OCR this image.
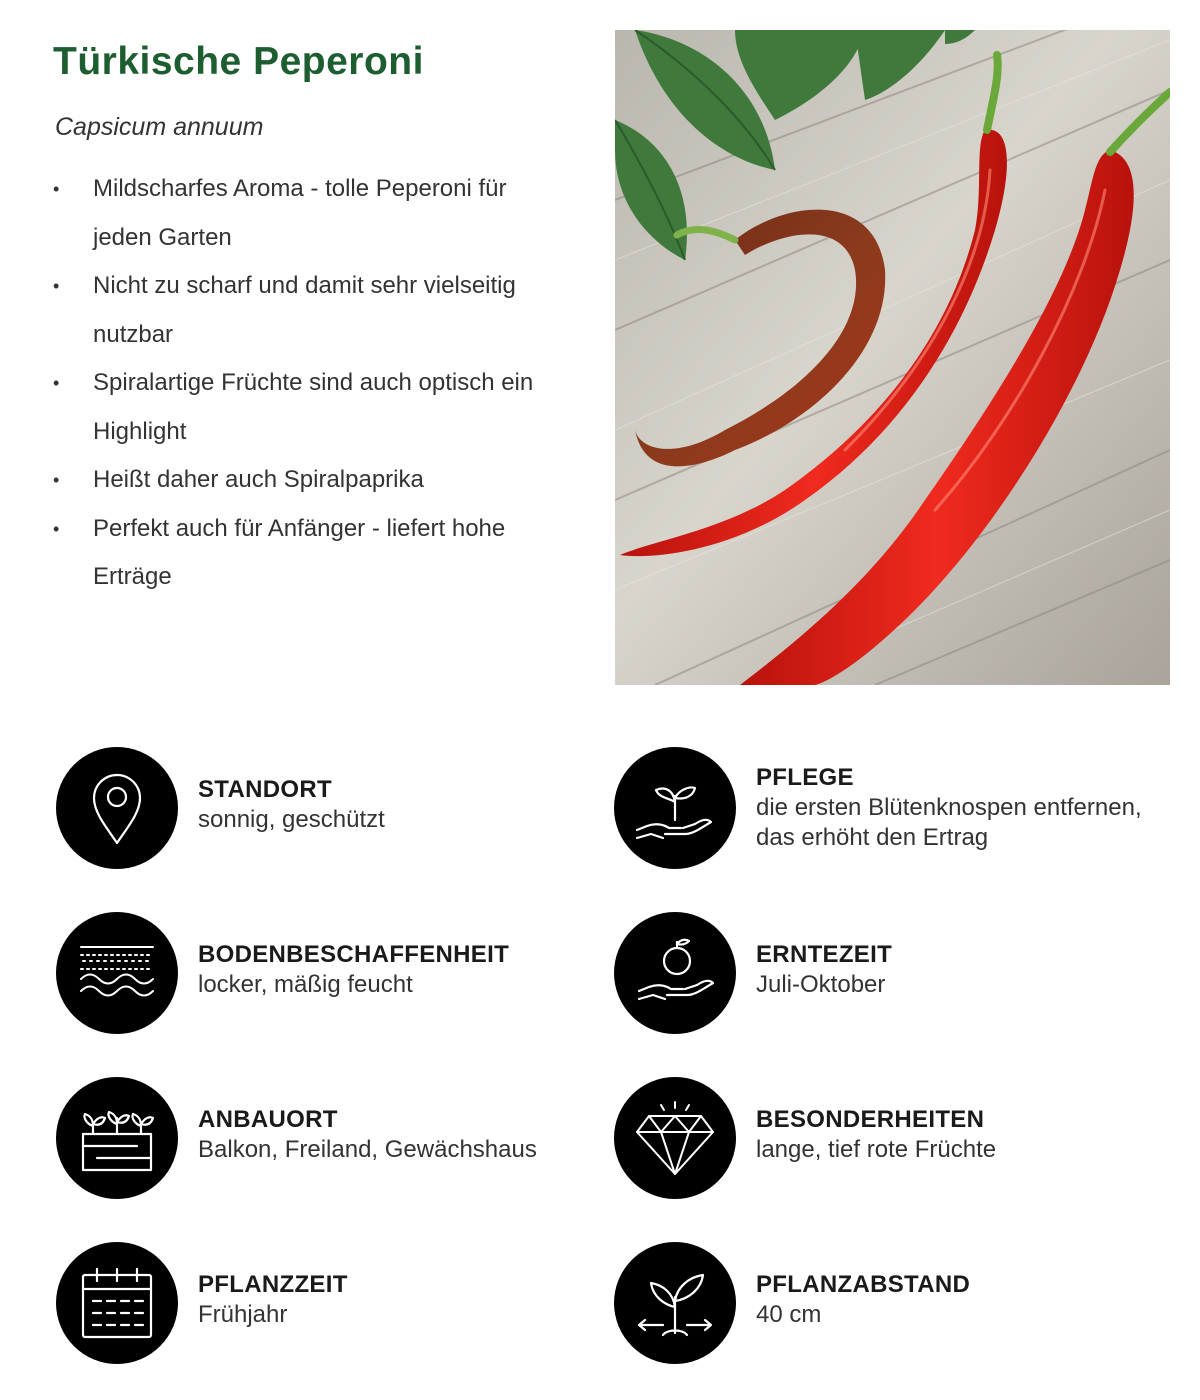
Türkische Peperoni
Capsicum annuum
• Mildscharfes Aroma - tolle Peperoni für jeden Garten
• Nicht zu scharf und damit sehr vielseitig nutzbar
• Spiralartige Früchte sind auch optisch ein Highlight
• Heißt daher auch Spiralpaprika
• Perfekt auch für Anfänger - liefert hohe Erträge
STANDORT
sonnig, geschützt
PFLEGE
die ersten Blütenknospen entfernen, das erhöht den Ertrag
BODENBESCHAFFENHEIT
locker, mäßig feucht
ERNTEZEIT
Juli-Oktober
ANBAUORT
Balkon, Freiland, Gewächshaus
BESONDERHEITEN
lange, tief rote Früchte
PFLANZZEIT
Frühjahr
PFLANZABSTAND
40 cm
